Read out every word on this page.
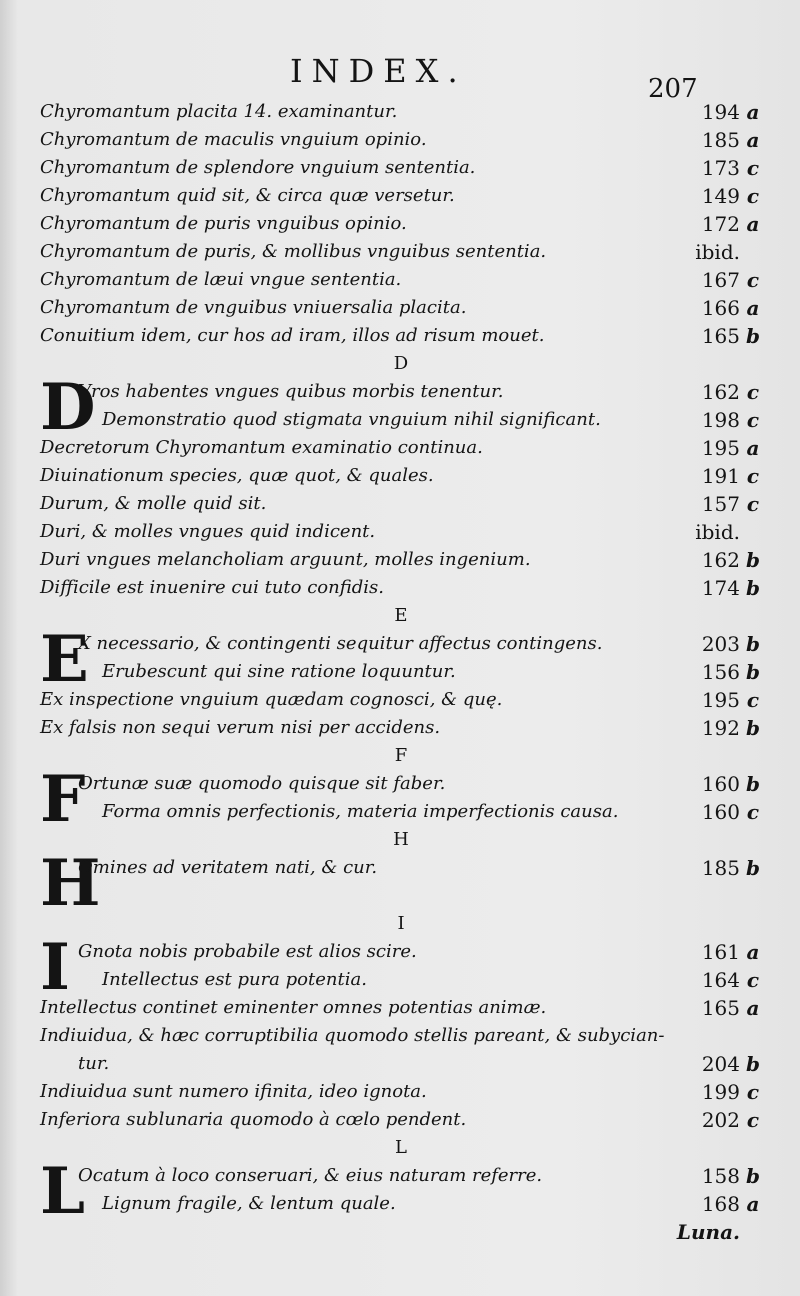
INDEX.	207
Chyromantum placita 14. examinantur.	194 a
Chyromantum de maculis vnguium opinio.	185 a
Chyromantum de splendore vnguium sententia.	173 c
Chyromantum quid sit, & circa quæ versetur.	149 c
Chyromantum de puris vnguibus opinio.	172 a
Chyromantum de puris, & mollibus vnguibus sententia.	ibid.
Chyromantum de læui vngue sententia.	167 c
Chyromantum de vnguibus vniuersalia placita.	166 a
Conuitium idem, cur hos ad iram, illos ad risum mouet.	165 b
D
D
Vros habentes vngues quibus morbis tenentur.	162 c
Demonstratio quod stigmata vnguium nihil significant.	198 c
Decretorum Chyromantum examinatio continua.	195 a
Diuinationum species, quæ quot, & quales.	191 c
Durum, & molle quid sit.	157 c
Duri, & molles vngues quid indicent.	ibid.
Duri vngues melancholiam arguunt, molles ingenium.	162 b
Difficile est inuenire cui tuto confidis.	174 b
E
E
X necessario, & contingenti sequitur affectus contingens.	203 b
Erubescunt qui sine ratione loquuntur.	156 b
Ex inspectione vnguium quædam cognosci, & quę.	195 c
Ex falsis non sequi verum nisi per accidens.	192 b
F
F
Ortunæ suæ quomodo quisque sit faber.	160 b
Forma omnis perfectionis, materia imperfectionis causa.	160 c
H
H
Omines ad veritatem nati, & cur.	185 b
I
I Gnota nobis probabile est alios scire.	161 a
Intellectus est pura potentia.	164 c
Intellectus continet eminenter omnes potentias animæ.	165 a
Indiuidua, & hæc corruptibilia quomodo stellis pareant, & subycian-
tur.	204 b
Indiuidua sunt numero ifinita, ideo ignota.	199 c
Inferiora sublunaria quomodo à cœlo pendent.	202 c
L
L
Ocatum à loco conseruari, & eius naturam referre.	158 b
Lignum fragile, & lentum quale.	168 a
Luna.
